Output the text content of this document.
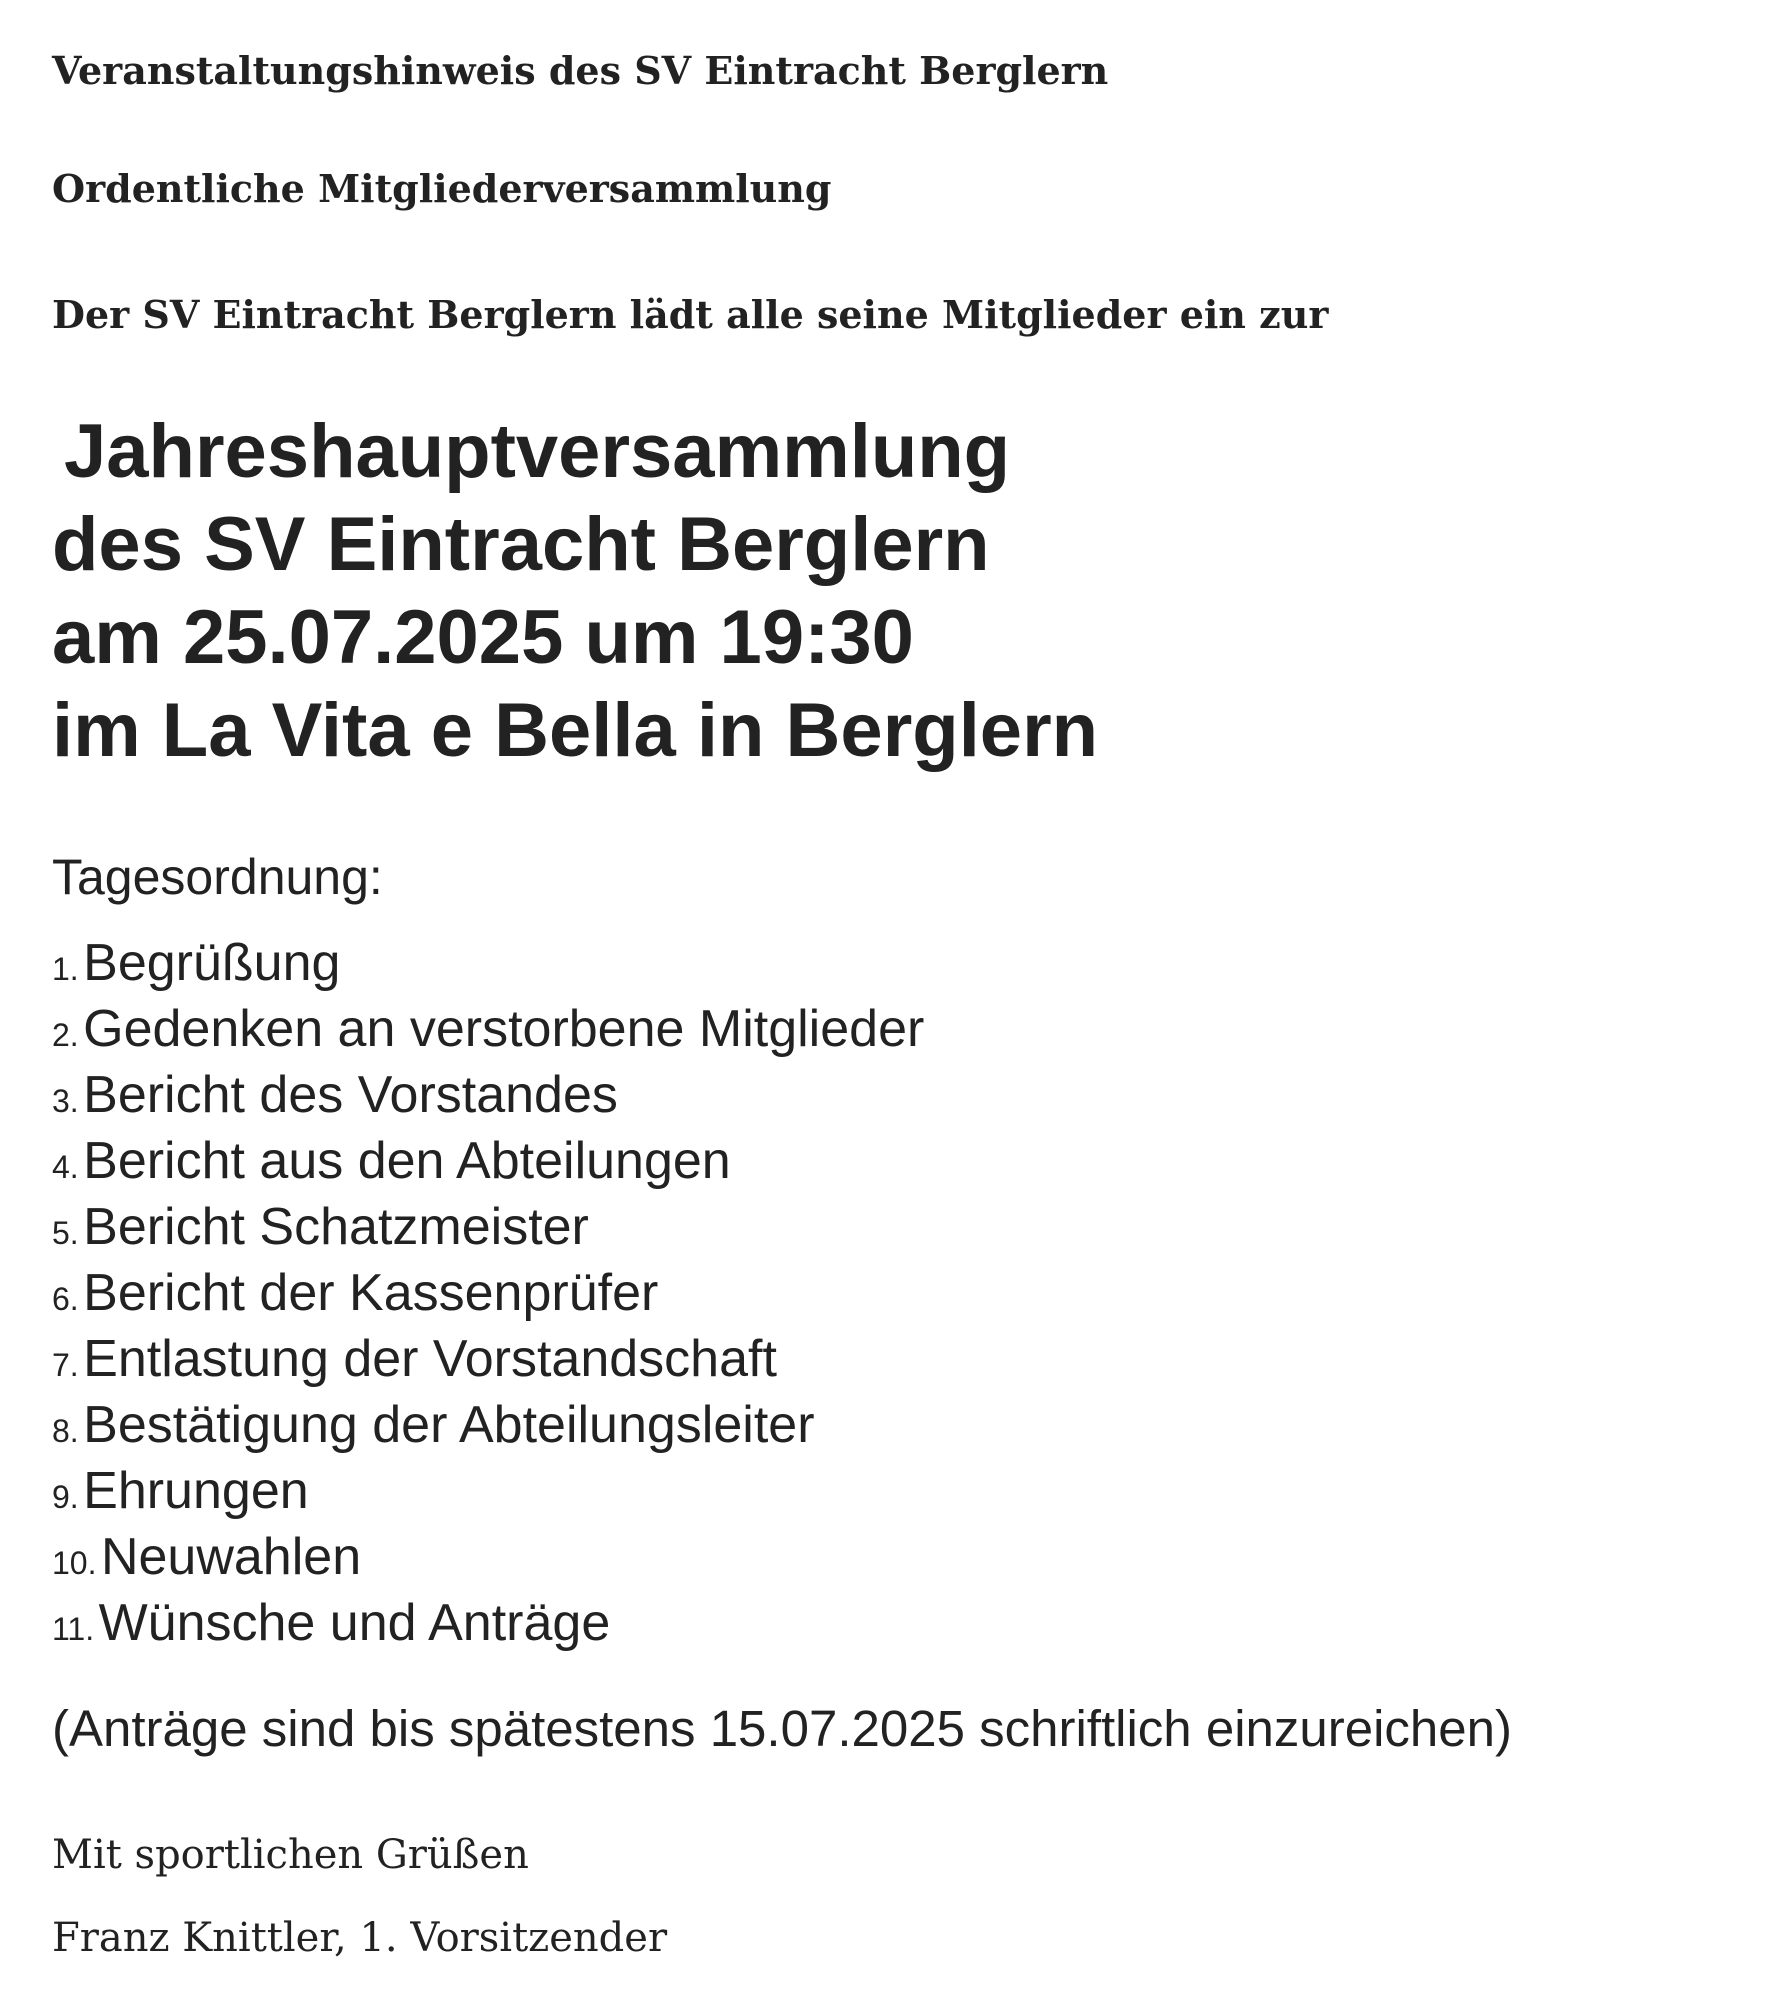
Veranstaltungshinweis des SV Eintracht Berglern
Ordentliche Mitgliederversammlung

Der SV Eintracht Berglern lädt alle seine Mitglieder ein zur

Jahreshauptversammlung
des SV Eintracht Berglern
am 25.07.2025 um 19:30
im La Vita e Bella in Berglern
Tagesordnung:
1. Begrüßung
2. Gedenken an verstorbene Mitglieder
3. Bericht des Vorstandes
4. Bericht aus den Abteilungen
5. Bericht Schatzmeister
6. Bericht der Kassenprüfer
7. Entlastung der Vorstandschaft
8. Bestätigung der Abteilungsleiter
9. Ehrungen
10. Neuwahlen
11. Wünsche und Anträge
(Anträge sind bis spätestens 15.07.2025 schriftlich einzureichen)
Mit sportlichen Grüßen
Franz Knittler, 1. Vorsitzender
